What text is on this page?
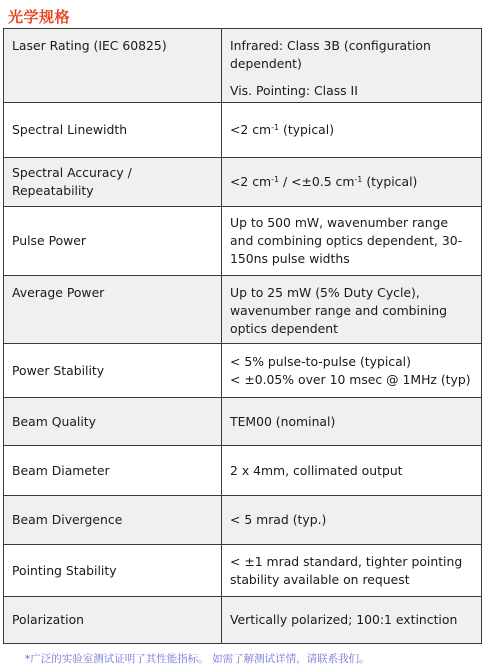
光学规格
Laser Rating (IEC 60825)	Infrared: Class 3B (configuration dependent)
Vis. Pointing: Class II

Spectral Linewidth	<2 $cm^{-1}$ (typical)
Spectral Accuracy / Repeatability	<2 $cm^{-1} / <\pm 0.5$ $cm^{-1}$ (typical)
Pulse Power	Up to 500 mW, wavenumber range and combining optics dependent, 30-150ns pulse widths
Average Power	Up to 25 mW (5% Duty Cycle), wavenumber range and combining optics dependent
Power Stability	< 5% pulse-to-pulse (typical)
< ±0.05% over 10 msec @ 1MHz (typ)

Beam Quality	TEM00 (nominal)
Beam Diameter	2 x 4mm, collimated output
Beam Divergence	< 5 mrad (typ.)
Pointing Stability	< ±1 mrad standard, tighter pointing stability available on request
Polarization	Vertically polarized; 100:1 extinction
*广泛的实验室测试证明了其性能指标。 如需了解测试详情，请联系我们。
